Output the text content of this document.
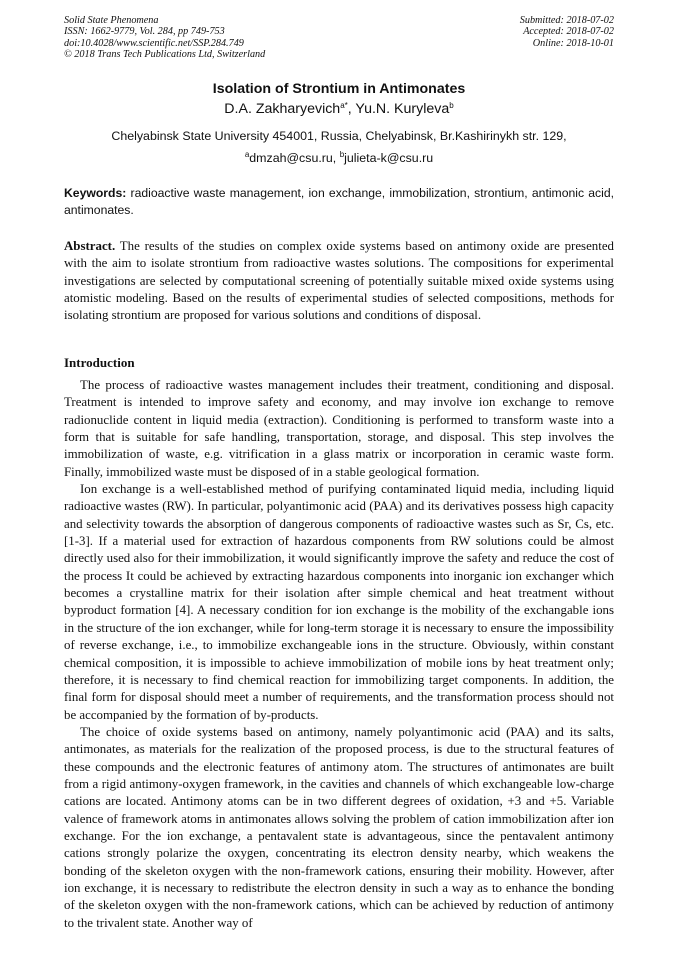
Solid State Phenomena
ISSN: 1662-9779, Vol. 284, pp 749-753
doi:10.4028/www.scientific.net/SSP.284.749
© 2018 Trans Tech Publications Ltd, Switzerland
Submitted: 2018-07-02
Accepted: 2018-07-02
Online: 2018-10-01
Isolation of Strontium in Antimonates
D.A. Zakharyevich$^{a*}$, Yu.N. Kuryleva$^b$
Chelyabinsk State University 454001, Russia, Chelyabinsk, Br.Kashirinykh str. 129,
$^a$dmzah@csu.ru, $^b$julieta-k@csu.ru
Keywords: radioactive waste management, ion exchange, immobilization, strontium, antimonic acid, antimonates.
Abstract. The results of the studies on complex oxide systems based on antimony oxide are presented with the aim to isolate strontium from radioactive wastes solutions. The compositions for experimental investigations are selected by computational screening of potentially suitable mixed oxide systems using atomistic modeling. Based on the results of experimental studies of selected compositions, methods for isolating strontium are proposed for various solutions and conditions of disposal.
Introduction

The process of radioactive wastes management includes their treatment, conditioning and disposal. Treatment is intended to improve safety and economy, and may involve ion exchange to remove radionuclide content in liquid media (extraction). Conditioning is performed to transform waste into a form that is suitable for safe handling, transportation, storage, and disposal. This step involves the immobilization of waste, e.g. vitrification in a glass matrix or incorporation in ceramic waste form. Finally, immobilized waste must be disposed of in a stable geological formation.

Ion exchange is a well-established method of purifying contaminated liquid media, including liquid radioactive wastes (RW). In particular, polyantimonic acid (PAA) and its derivatives possess high capacity and selectivity towards the absorption of dangerous components of radioactive wastes such as Sr, Cs, etc. [1-3]. If a material used for extraction of hazardous components from RW solutions could be almost directly used also for their immobilization, it would significantly improve the safety and reduce the cost of the process It could be achieved by extracting hazardous components into inorganic ion exchanger which becomes a crystalline matrix for their isolation after simple chemical and heat treatment without byproduct formation [4]. A necessary condition for ion exchange is the mobility of the exchangable ions in the structure of the ion exchanger, while for long-term storage it is necessary to ensure the impossibility of reverse exchange, i.e., to immobilize exchangeable ions in the structure. Obviously, within constant chemical composition, it is impossible to achieve immobilization of mobile ions by heat treatment only; therefore, it is necessary to find chemical reaction for immobilizing target components. In addition, the final form for disposal should meet a number of requirements, and the transformation process should not be accompanied by the formation of by-products.

The choice of oxide systems based on antimony, namely polyantimonic acid (PAA) and its salts, antimonates, as materials for the realization of the proposed process, is due to the structural features of these compounds and the electronic features of antimony atom. The structures of antimonates are built from a rigid antimony-oxygen framework, in the cavities and channels of which exchangeable low-charge cations are located. Antimony atoms can be in two different degrees of oxidation, +3 and +5. Variable valence of framework atoms in antimonates allows solving the problem of cation immobilization after ion exchange. For the ion exchange, a pentavalent state is advantageous, since the pentavalent antimony cations strongly polarize the oxygen, concentrating its electron density nearby, which weakens the bonding of the skeleton oxygen with the non-framework cations, ensuring their mobility. However, after ion exchange, it is necessary to redistribute the electron density in such a way as to enhance the bonding of the skeleton oxygen with the non-framework cations, which can be achieved by reduction of antimony to the trivalent state. Another way of
